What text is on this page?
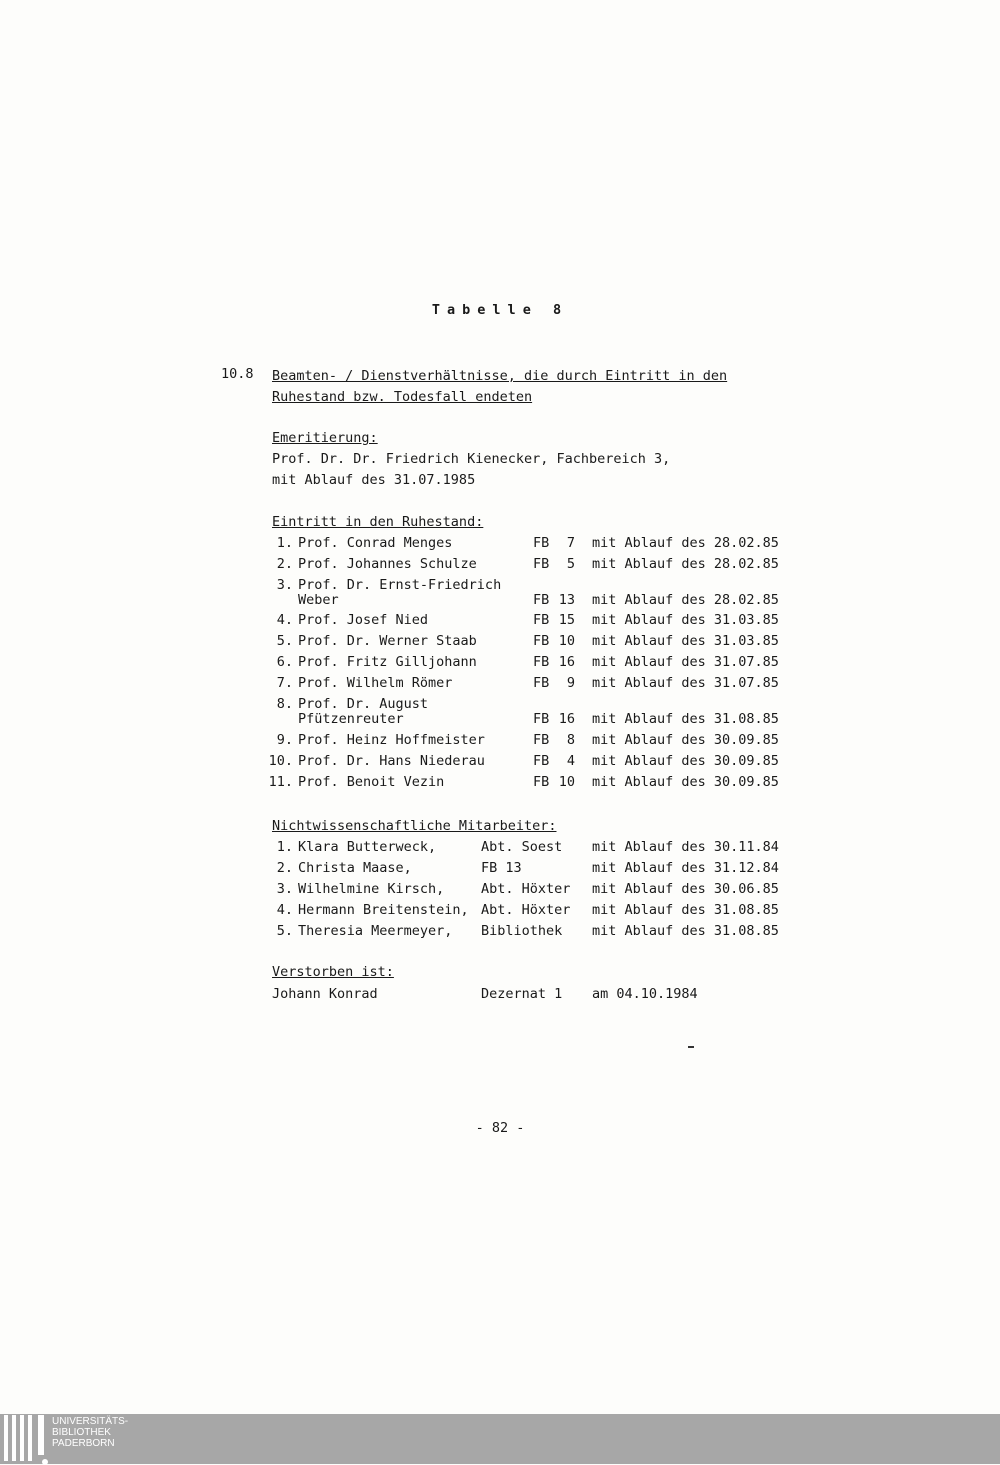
Tabelle 8
10.8 Beamten- / Dienstverhältnisse, die durch Eintritt in den
Ruhestand bzw. Todesfall endeten
Emeritierung:
Prof. Dr. Dr. Friedrich Kienecker, Fachbereich 3,
mit Ablauf des 31.07.1985
Eintritt in den Ruhestand:
1. Prof. Conrad Menges	FB	7 mit Ablauf des 28.02.85
2. Prof. Johannes Schulze	FB	5 mit Ablauf des 28.02.85
3. Prof. Dr. Ernst-Friedrich
Weber	FB 13 mit Ablauf des 28.02.85
4. Prof. Josef Nied	FB 15 mit Ablauf des 31.03.85
5. Prof. Dr. Werner Staab	FB 10 mit Ablauf des 31.03.85
6. Prof. Fritz Gilljohann	FB 16 mit Ablauf des 31.07.85
7. Prof. Wilhelm Römer	FB	9 mit Ablauf des 31.07.85
8. Prof. Dr. August
Pfützenreuter	FB 16 mit Ablauf des 31.08.85
9. Prof. Heinz Hoffmeister	FB	8 mit Ablauf des 30.09.85
10. Prof. Dr. Hans Niederau	FB	4 mit Ablauf des 30.09.85
11. Prof. Benoit Vezin	FB 10 mit Ablauf des 30.09.85
Nichtwissenschaftliche Mitarbeiter:
1. Klara Butterweck,	Abt. Soest mit Ablauf des 30.11.84
2. Christa Maase,	FB 13	mit Ablauf des 31.12.84
3. Wilhelmine Kirsch,	Abt. Höxter mit Ablauf des 30.06.85
4. Hermann Breitenstein, Abt. Höxter mit Ablauf des 31.08.85
5. Theresia Meermeyer, Bibliothek mit Ablauf des 31.08.85
Verstorben ist:
Johann Konrad	Dezernat 1 am 04.10.1984
- 82 -
UNIVERSITÄTS-
BIBLIOTHEK
PADERBORN
